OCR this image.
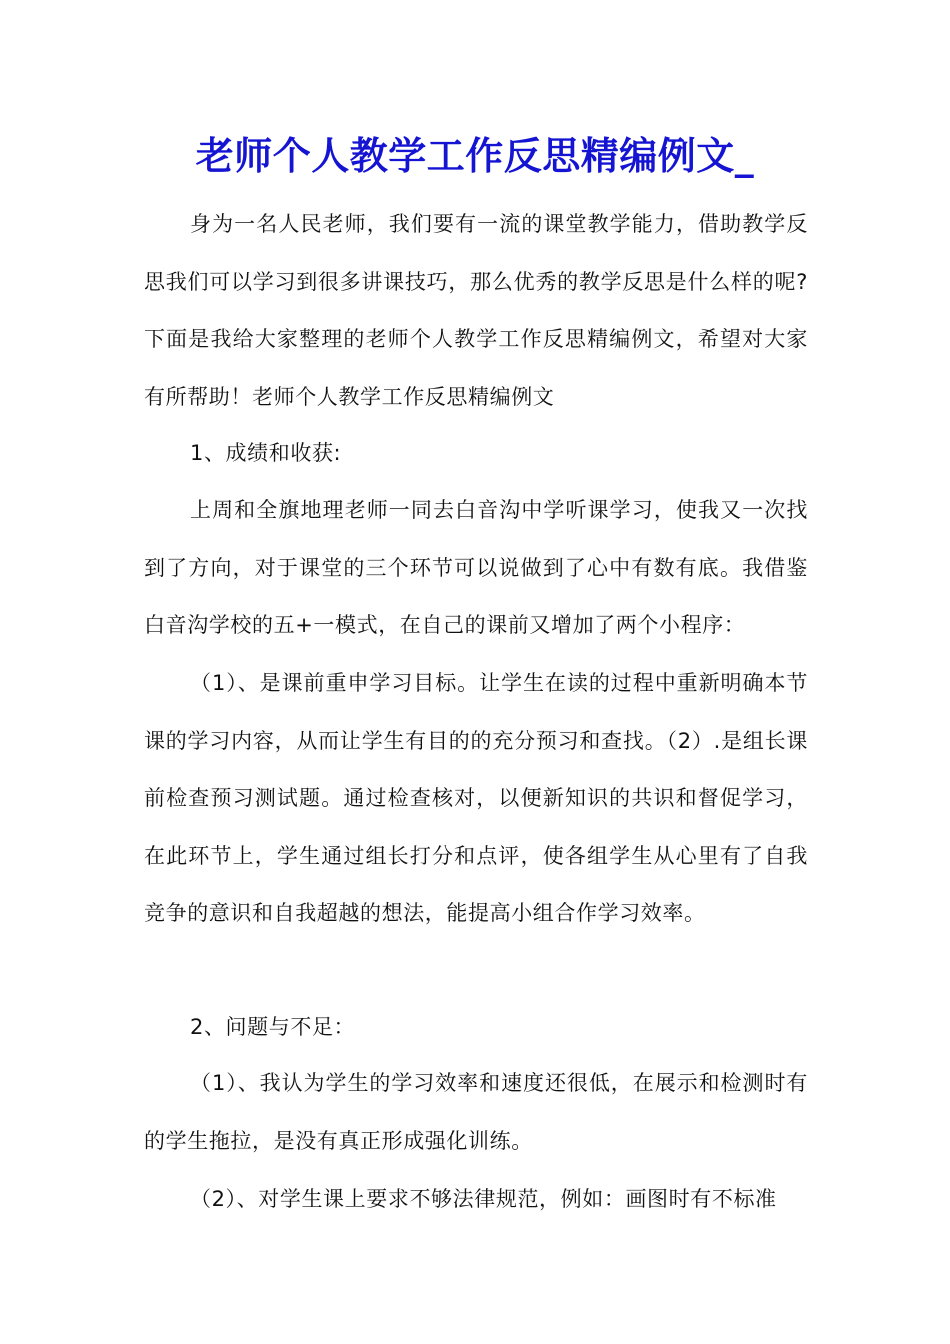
老师个人教学工作反思精编例文_

身为一名人民老师，我们要有一流的课堂教学能力，借助教学反思我们可以学习到很多讲课技巧，那么优秀的教学反思是什么样的呢?下面是我给大家整理的老师个人教学工作反思精编例文，希望对大家有所帮助！老师个人教学工作反思精编例文

1、成绩和收获:

上周和全旗地理老师一同去白音沟中学听课学习，使我又一次找到了方向，对于课堂的三个环节可以说做到了心中有数有底。我借鉴白音沟学校的五+一模式，在自己的课前又增加了两个小程序：

（1）、是课前重申学习目标。让学生在读的过程中重新明确本节课的学习内容，从而让学生有目的的充分预习和查找。（2）.是组长课前检查预习测试题。通过检查核对，以便新知识的共识和督促学习，在此环节上，学生通过组长打分和点评，使各组学生从心里有了自我竞争的意识和自我超越的想法，能提高小组合作学习效率。

2、问题与不足：

（1）、我认为学生的学习效率和速度还很低，在展示和检测时有的学生拖拉，是没有真正形成强化训练。

（2）、对学生课上要求不够法律规范，例如：画图时有不标准
